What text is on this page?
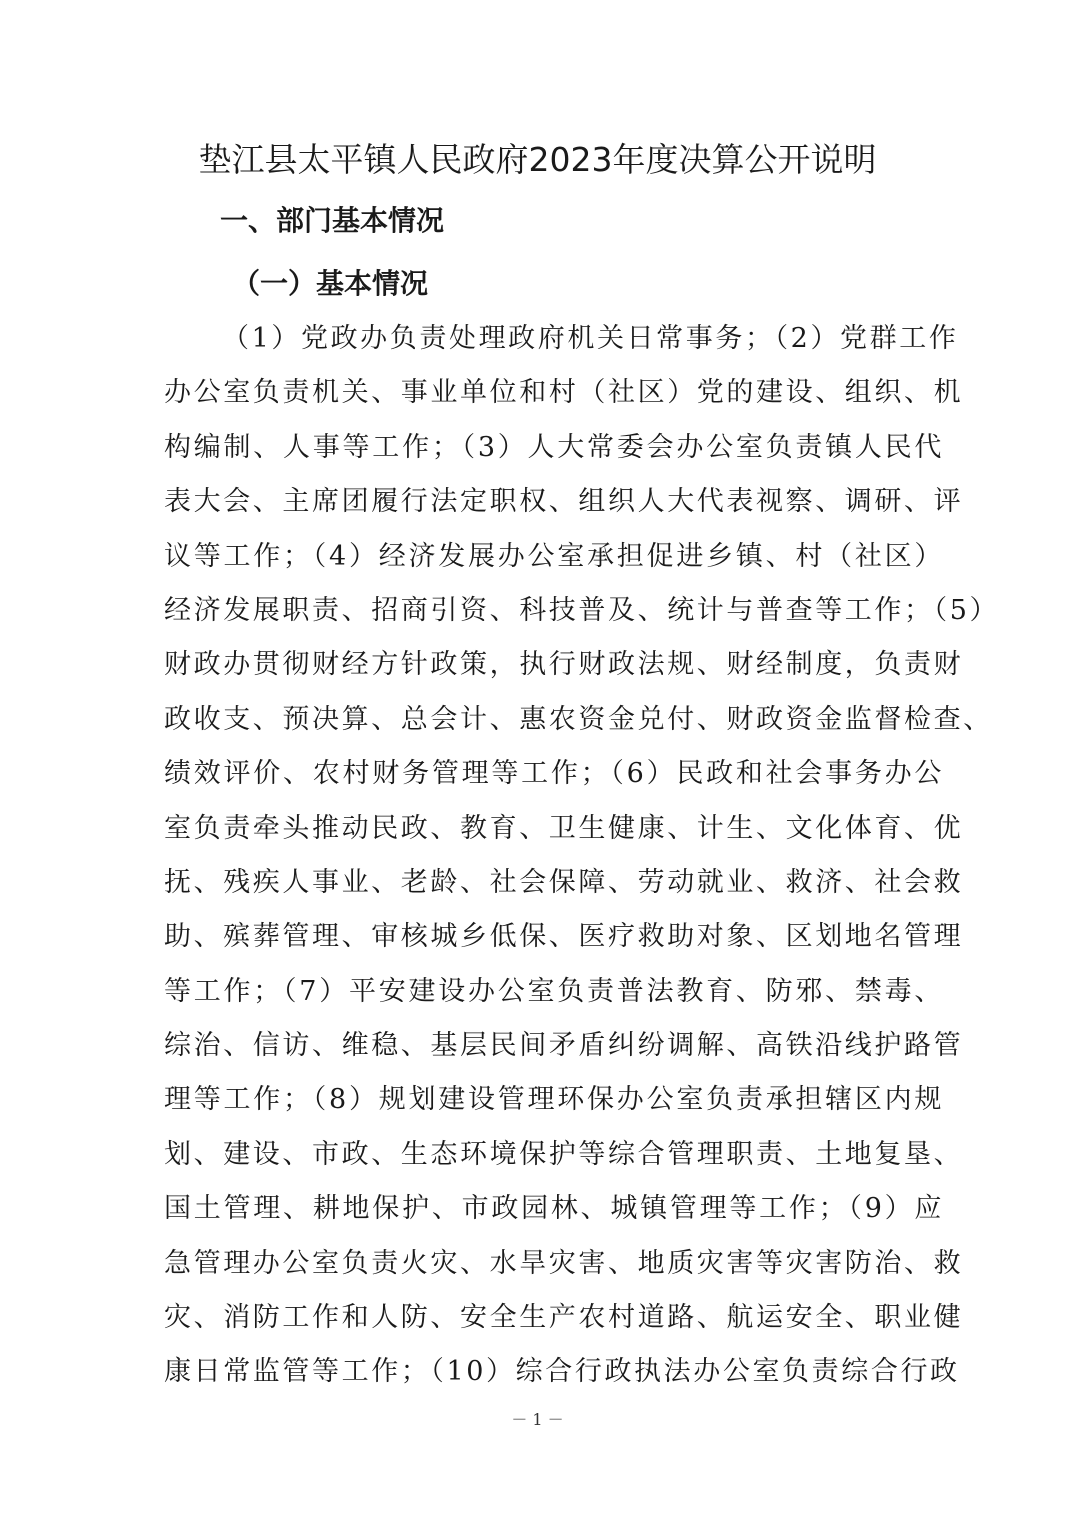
垫江县太平镇人民政府2023年度决算公开说明
一、部门基本情况
（一）基本情况
（1）党政办负责处理政府机关日常事务；（2）党群工作
办公室负责机关、事业单位和村（社区）党的建设、组织、机
构编制、人事等工作；（3）人大常委会办公室负责镇人民代
表大会、主席团履行法定职权、组织人大代表视察、调研、评
议等工作；（4）经济发展办公室承担促进乡镇、村（社区）
经济发展职责、招商引资、科技普及、统计与普查等工作；（5）
财政办贯彻财经方针政策，执行财政法规、财经制度，负责财
政收支、预决算、总会计、惠农资金兑付、财政资金监督检查、
绩效评价、农村财务管理等工作；（6）民政和社会事务办公
室负责牵头推动民政、教育、卫生健康、计生、文化体育、优
抚、残疾人事业、老龄、社会保障、劳动就业、救济、社会救
助、殡葬管理、审核城乡低保、医疗救助对象、区划地名管理
等工作；（7）平安建设办公室负责普法教育、防邪、禁毒、
综治、信访、维稳、基层民间矛盾纠纷调解、高铁沿线护路管
理等工作；（8）规划建设管理环保办公室负责承担辖区内规
划、建设、市政、生态环境保护等综合管理职责、土地复垦、
国土管理、耕地保护、市政园林、城镇管理等工作；（9）应
急管理办公室负责火灾、水旱灾害、地质灾害等灾害防治、救
灾、消防工作和人防、安全生产农村道路、航运安全、职业健
康日常监管等工作；（10）综合行政执法办公室负责综合行政
－ 1 －
